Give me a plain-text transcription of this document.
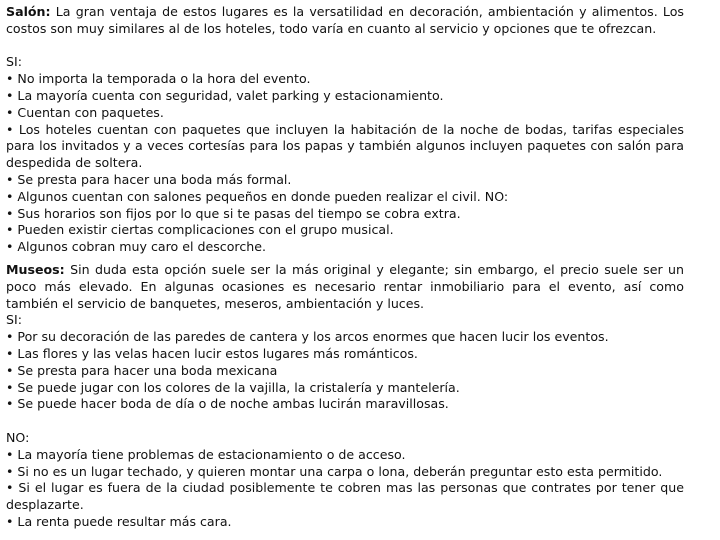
Salón: La gran ventaja de estos lugares es la versatilidad en decoración, ambientación y alimentos. Los costos son muy similares al de los hoteles, todo varía en cuanto al servicio y opciones que te ofrezcan.

SI:

• No importa la temporada o la hora del evento.

• La mayoría cuenta con seguridad, valet parking y estacionamiento.

• Cuentan con paquetes.

• Los hoteles cuentan con paquetes que incluyen la habitación de la noche de bodas, tarifas especiales para los invitados y a veces cortesías para los papas y también algunos incluyen paquetes con salón para despedida de soltera.

• Se presta para hacer una boda más formal.

• Algunos cuentan con salones pequeños en donde pueden realizar el civil. NO:

• Sus horarios son fijos por lo que si te pasas del tiempo se cobra extra.

• Pueden existir ciertas complicaciones con el grupo musical.

• Algunos cobran muy caro el descorche.

Museos: Sin duda esta opción suele ser la más original y elegante; sin embargo, el precio suele ser un poco más elevado. En algunas ocasiones es necesario rentar inmobiliario para el evento, así como también el servicio de banquetes, meseros, ambientación y luces.

SI:

• Por su decoración de las paredes de cantera y los arcos enormes que hacen lucir los eventos.

• Las flores y las velas hacen lucir estos lugares más románticos.

• Se presta para hacer una boda mexicana

• Se puede jugar con los colores de la vajilla, la cristalería y mantelería.

• Se puede hacer boda de día o de noche ambas lucirán maravillosas.

NO:

• La mayoría tiene problemas de estacionamiento o de acceso.

• Si no es un lugar techado, y quieren montar una carpa o lona, deberán preguntar esto esta permitido.

• Si el lugar es fuera de la ciudad posiblemente te cobren mas las personas que contrates por tener que desplazarte.

• La renta puede resultar más cara.
